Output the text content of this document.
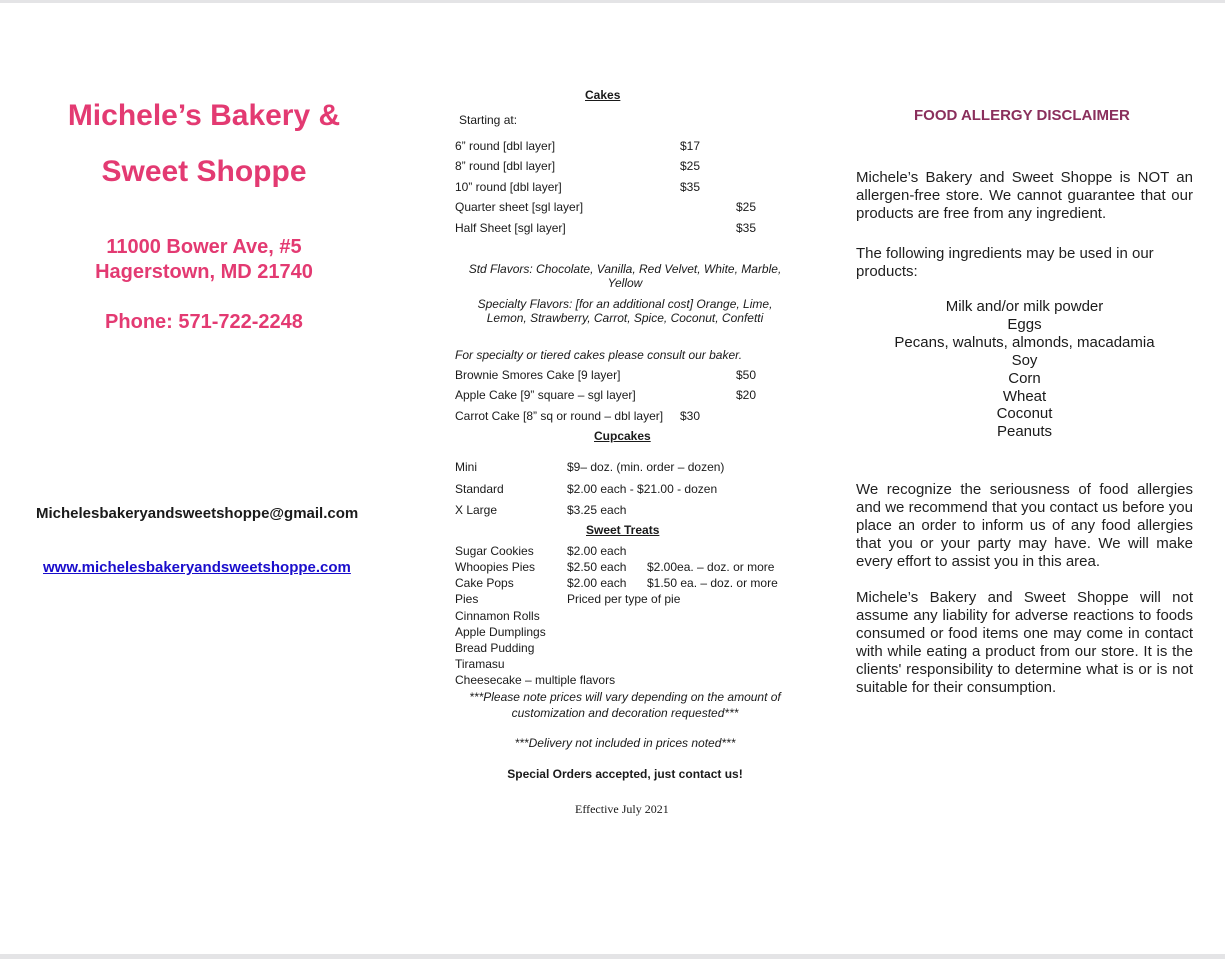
Michele’s Bakery &
Sweet Shoppe
11000 Bower Ave, #5
Hagerstown, MD 21740
Phone: 571-722-2248
Michelesbakeryandsweetshoppe@gmail.com
www.michelesbakeryandsweetshoppe.com
Cakes
Starting at:
6” round [dbl layer]	$17
8” round [dbl layer]	$25
10” round [dbl layer]	$35
Quarter sheet [sgl layer]	$25
Half Sheet [sgl layer]	$35
Std Flavors: Chocolate, Vanilla, Red Velvet, White, Marble,
Yellow
Specialty Flavors: [for an additional cost] Orange, Lime,
Lemon, Strawberry, Carrot, Spice, Coconut, Confetti
For specialty or tiered cakes please consult our baker.
Brownie Smores Cake [9 layer]	$50
Apple Cake [9” square – sgl layer]	$20
Carrot Cake [8” sq or round – dbl layer] $30
Cupcakes
Mini	$9– doz. (min. order – dozen)
Standard	$2.00 each - $21.00 - dozen
X Large	$3.25 each
Sweet Treats
Sugar Cookies	$2.00 each
Whoopies Pies	$2.50 each $2.00ea. – doz. or more
Cake Pops	$2.00 each $1.50 ea. – doz. or more
Pies	Priced per type of pie
Cinnamon Rolls
Apple Dumplings
Bread Pudding
Tiramasu
Cheesecake – multiple flavors
***Please note prices will vary depending on the amount of
customization and decoration requested***
***Delivery not included in prices noted***
Special Orders accepted, just contact us!
Effective July 2021
FOOD ALLERGY DISCLAIMER
Michele’s Bakery and Sweet Shoppe is NOT an allergen-free store. We cannot guarantee that our products are free from any ingredient.
The following ingredients may be used in our products:
Milk and/or milk powder
Eggs
Pecans, walnuts, almonds, macadamia
Soy
Corn
Wheat
Coconut
Peanuts
We recognize the seriousness of food allergies and we recommend that you contact us before you place an order to inform us of any food allergies that you or your party may have. We will make every effort to assist you in this area.
Michele’s Bakery and Sweet Shoppe will not assume any liability for adverse reactions to foods consumed or food items one may come in contact with while eating a product from our store. It is the clients' responsibility to determine what is or is not suitable for their consumption.
